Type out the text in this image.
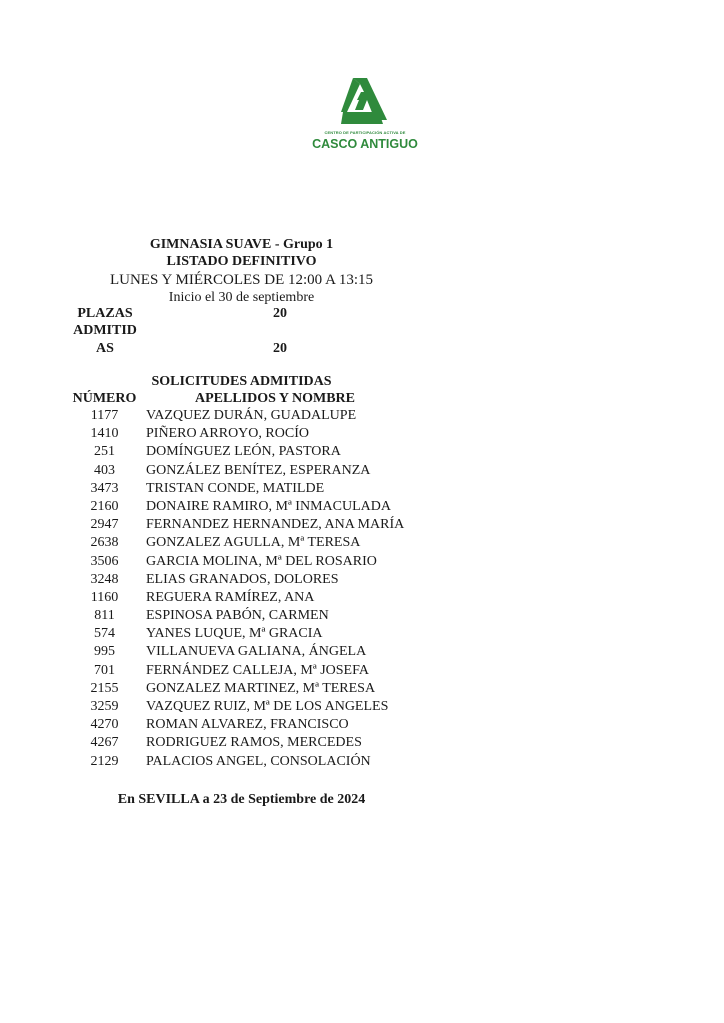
CENTRO DE PARTICIPACIÓN ACTIVA DE
CASCO ANTIGUO
GIMNASIA SUAVE - Grupo 1
LISTADO DEFINITIVO
LUNES Y MIÉRCOLES DE 12:00 A 13:15
Inicio el 30 de septiembre
PLAZAS	20
ADMITID
AS	20
SOLICITUDES ADMITIDAS
NÚMERO	APELLIDOS Y NOMBRE
1177	VAZQUEZ DURÁN, GUADALUPE
1410	PIÑERO ARROYO, ROCÍO
251	DOMÍNGUEZ LEÓN, PASTORA
403	GONZÁLEZ BENÍTEZ, ESPERANZA
3473	TRISTAN CONDE, MATILDE
2160	DONAIRE RAMIRO, Mª INMACULADA
2947	FERNANDEZ HERNANDEZ, ANA MARÍA
2638	GONZALEZ AGULLA, Mª TERESA
3506	GARCIA MOLINA, Mª DEL ROSARIO
3248	ELIAS GRANADOS, DOLORES
1160	REGUERA RAMÍREZ, ANA
811	ESPINOSA PABÓN, CARMEN
574	YANES LUQUE, Mª GRACIA
995	VILLANUEVA GALIANA, ÁNGELA
701	FERNÁNDEZ CALLEJA, Mª JOSEFA
2155	GONZALEZ MARTINEZ, Mª TERESA
3259	VAZQUEZ RUIZ, Mª DE LOS ANGELES
4270	ROMAN ALVAREZ, FRANCISCO
4267	RODRIGUEZ RAMOS, MERCEDES
2129	PALACIOS ANGEL, CONSOLACIÓN
En SEVILLA a 23 de Septiembre de 2024
